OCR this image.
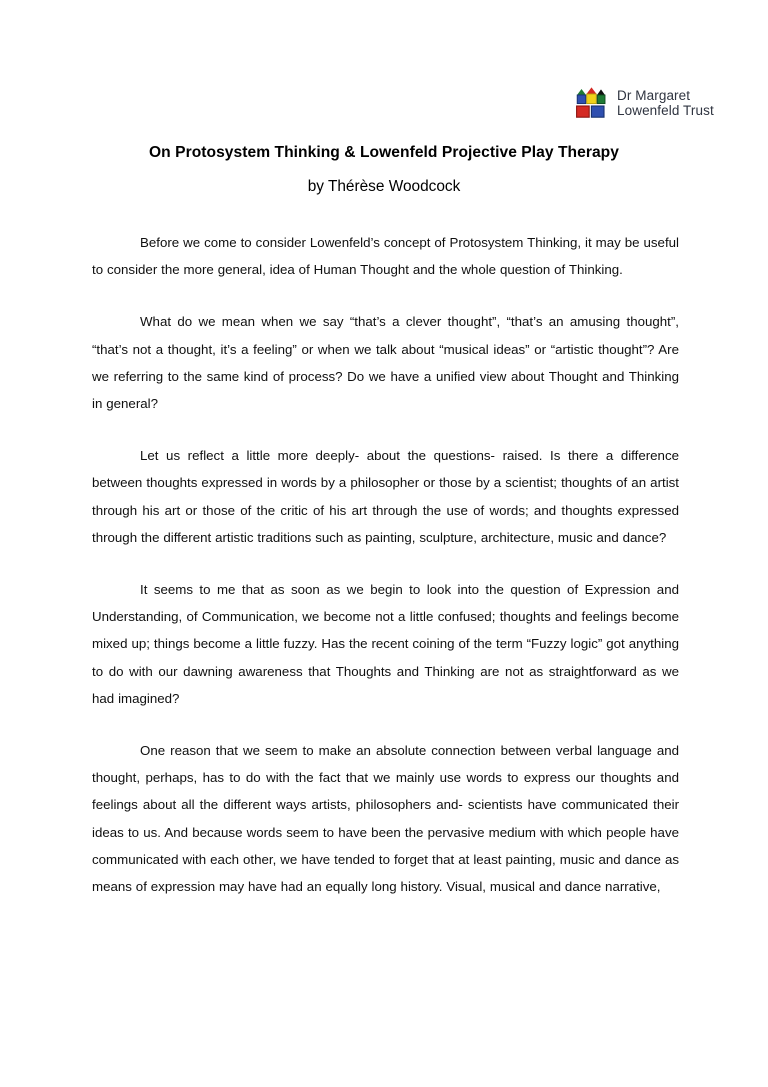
Dr Margaret
Lowenfeld Trust
On Protosystem Thinking & Lowenfeld Projective Play Therapy
by Thérèse Woodcock

Before we come to consider Lowenfeld’s concept of Protosystem Thinking, it may be useful to consider the more general, idea of Human Thought and the whole question of Thinking.

What do we mean when we say “that’s a clever thought”, “that’s an amusing thought”, “that’s not a thought, it’s a feeling” or when we talk about “musical ideas” or “artistic thought”? Are we referring to the same kind of process? Do we have a unified view about Thought and Thinking in general?

Let us reflect a little more deeply- about the questions- raised. Is there a difference between thoughts expressed in words by a philosopher or those by a scientist; thoughts of an artist through his art or those of the critic of his art through the use of words; and thoughts expressed through the different artistic traditions such as painting, sculpture, architecture, music and dance?

It seems to me that as soon as we begin to look into the question of Expression and Understanding, of Communication, we become not a little confused; thoughts and feelings become mixed up; things become a little fuzzy. Has the recent coining of the term “Fuzzy logic” got anything to do with our dawning awareness that Thoughts and Thinking are not as straightforward as we had imagined?

One reason that we seem to make an absolute connection between verbal language and thought, perhaps, has to do with the fact that we mainly use words to express our thoughts and feelings about all the different ways artists, philosophers and- scientists have communicated their ideas to us. And because words seem to have been the pervasive medium with which people have communicated with each other, we have tended to forget that at least painting, music and dance as means of expression may have had an equally long history. Visual, musical and dance narrative,
